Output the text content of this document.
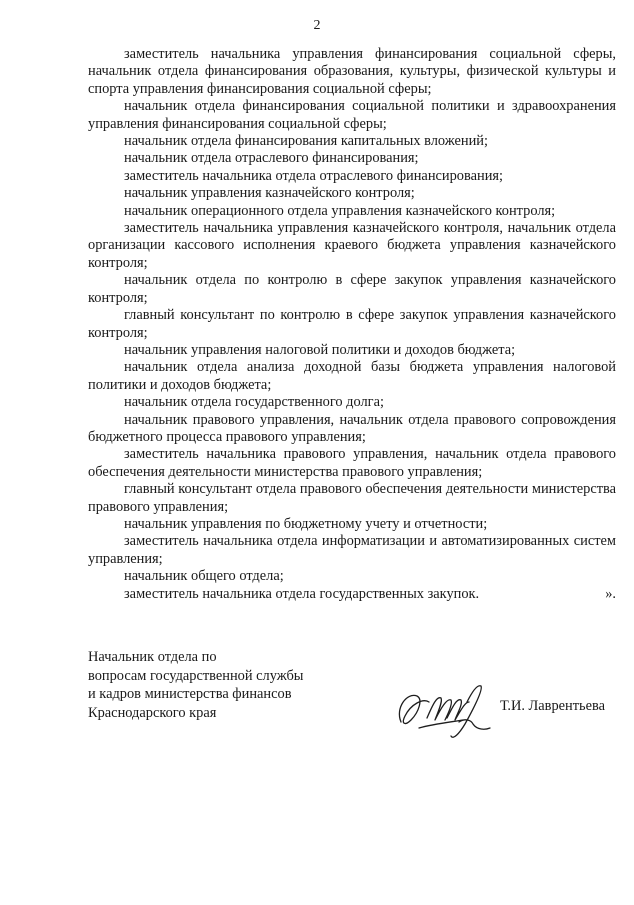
2

заместитель начальника управления финансирования социальной сферы, начальник отдела финансирования образования, культуры, физической культуры и спорта управления финансирования социальной сферы;

начальник отдела финансирования социальной политики и здравоохранения управления финансирования социальной сферы;

начальник отдела финансирования капитальных вложений;

начальник отдела отраслевого финансирования;

заместитель начальника отдела отраслевого финансирования;

начальник управления казначейского контроля;

начальник операционного отдела управления казначейского контроля;

заместитель начальника управления казначейского контроля, начальник отдела организации кассового исполнения краевого бюджета управления казначейского контроля;

начальник отдела по контролю в сфере закупок управления казначейского контроля;

главный консультант по контролю в сфере закупок управления казначейского контроля;

начальник управления налоговой политики и доходов бюджета;

начальник отдела анализа доходной базы бюджета управления налоговой политики и доходов бюджета;

начальник отдела государственного долга;

начальник правового управления, начальник отдела правового сопровождения бюджетного процесса правового управления;

заместитель начальника правового управления, начальник отдела правового обеспечения деятельности министерства правового управления;

главный консультант отдела правового обеспечения деятельности министерства правового управления;

начальник управления по бюджетному учету и отчетности;

заместитель начальника отдела информатизации и автоматизированных систем управления;

начальник общего отдела;

заместитель начальника отдела государственных закупок.	».

Начальник отдела по
вопросам государственной службы
и кадров министерства финансов
Краснодарского края	Т.И. Лаврентьева
